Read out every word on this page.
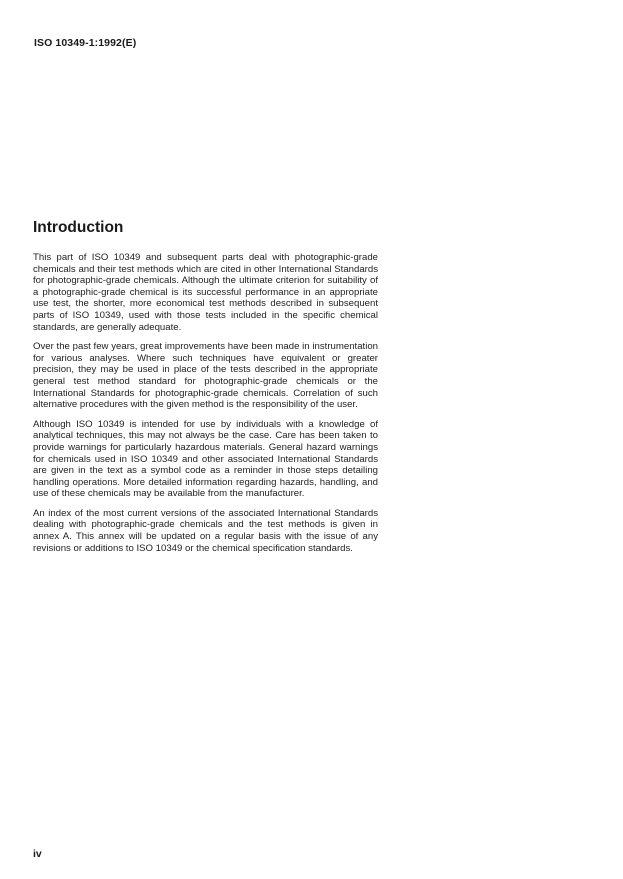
ISO 10349-1:1992(E)
Introduction

This part of ISO 10349 and subsequent parts deal with photographic-grade chemicals and their test methods which are cited in other International Standards for photographic-grade chemicals. Although the ultimate criterion for suitability of a photographic-grade chemical is its successful performance in an appropriate use test, the shorter, more economical test methods described in subsequent parts of ISO 10349, used with those tests included in the specific chemical standards, are generally adequate.

Over the past few years, great improvements have been made in instrumentation for various analyses. Where such techniques have equivalent or greater precision, they may be used in place of the tests described in the appropriate general test method standard for photographic-grade chemicals or the International Standards for photographic-grade chemicals. Correlation of such alternative procedures with the given method is the responsibility of the user.

Although ISO 10349 is intended for use by individuals with a knowledge of analytical techniques, this may not always be the case. Care has been taken to provide warnings for particularly hazardous materials. General hazard warnings for chemicals used in ISO 10349 and other associated International Standards are given in the text as a symbol code as a reminder in those steps detailing handling operations. More detailed information regarding hazards, handling, and use of these chemicals may be available from the manufacturer.

An index of the most current versions of the associated International Standards dealing with photographic-grade chemicals and the test methods is given in annex A. This annex will be updated on a regular basis with the issue of any revisions or additions to ISO 10349 or the chemical specification standards.

iv
